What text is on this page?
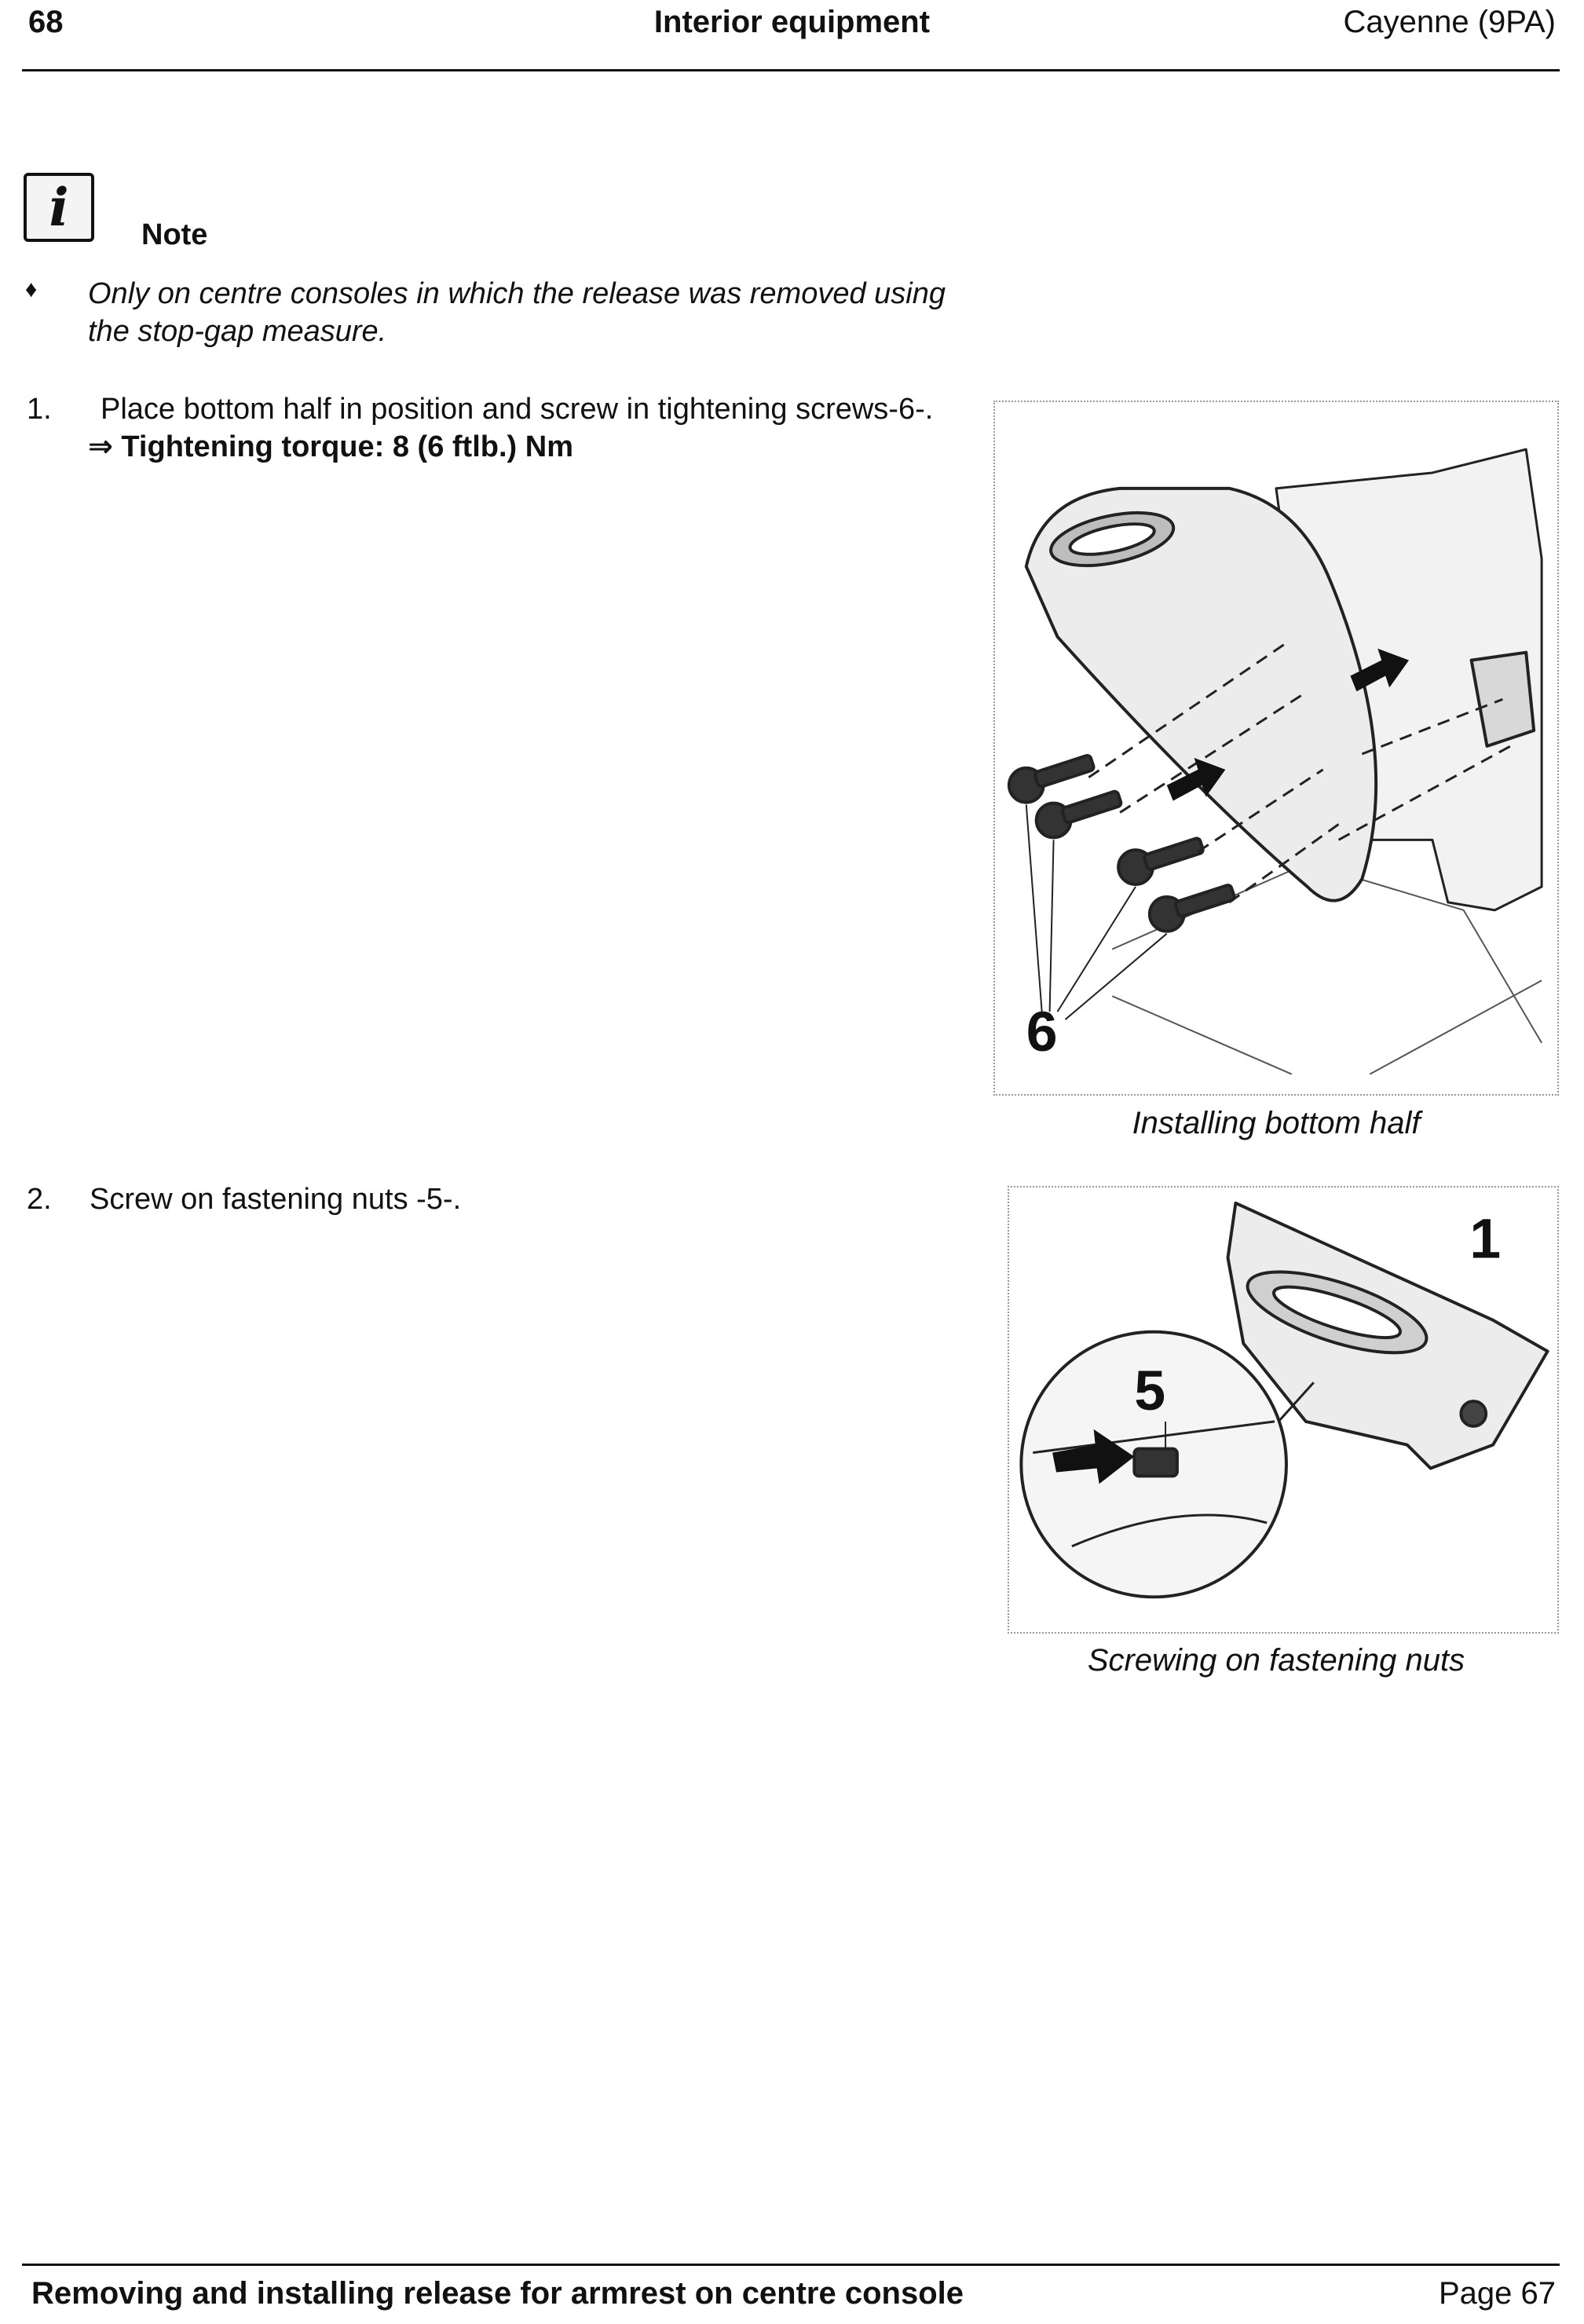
68	Interior equipment	Cayenne (9PA)
i	Note
♦ Only on centre consoles in which the release was removed using the stop-gap measure.
1. Place bottom half in position and screw in tightening screws-6-.
⇒ Tightening torque: 8 (6 ftlb.) Nm
6
Installing bottom half
2. Screw on fastening nuts -5-.
1
5
Screwing on fastening nuts
Removing and installing release for armrest on centre console	Page 67
